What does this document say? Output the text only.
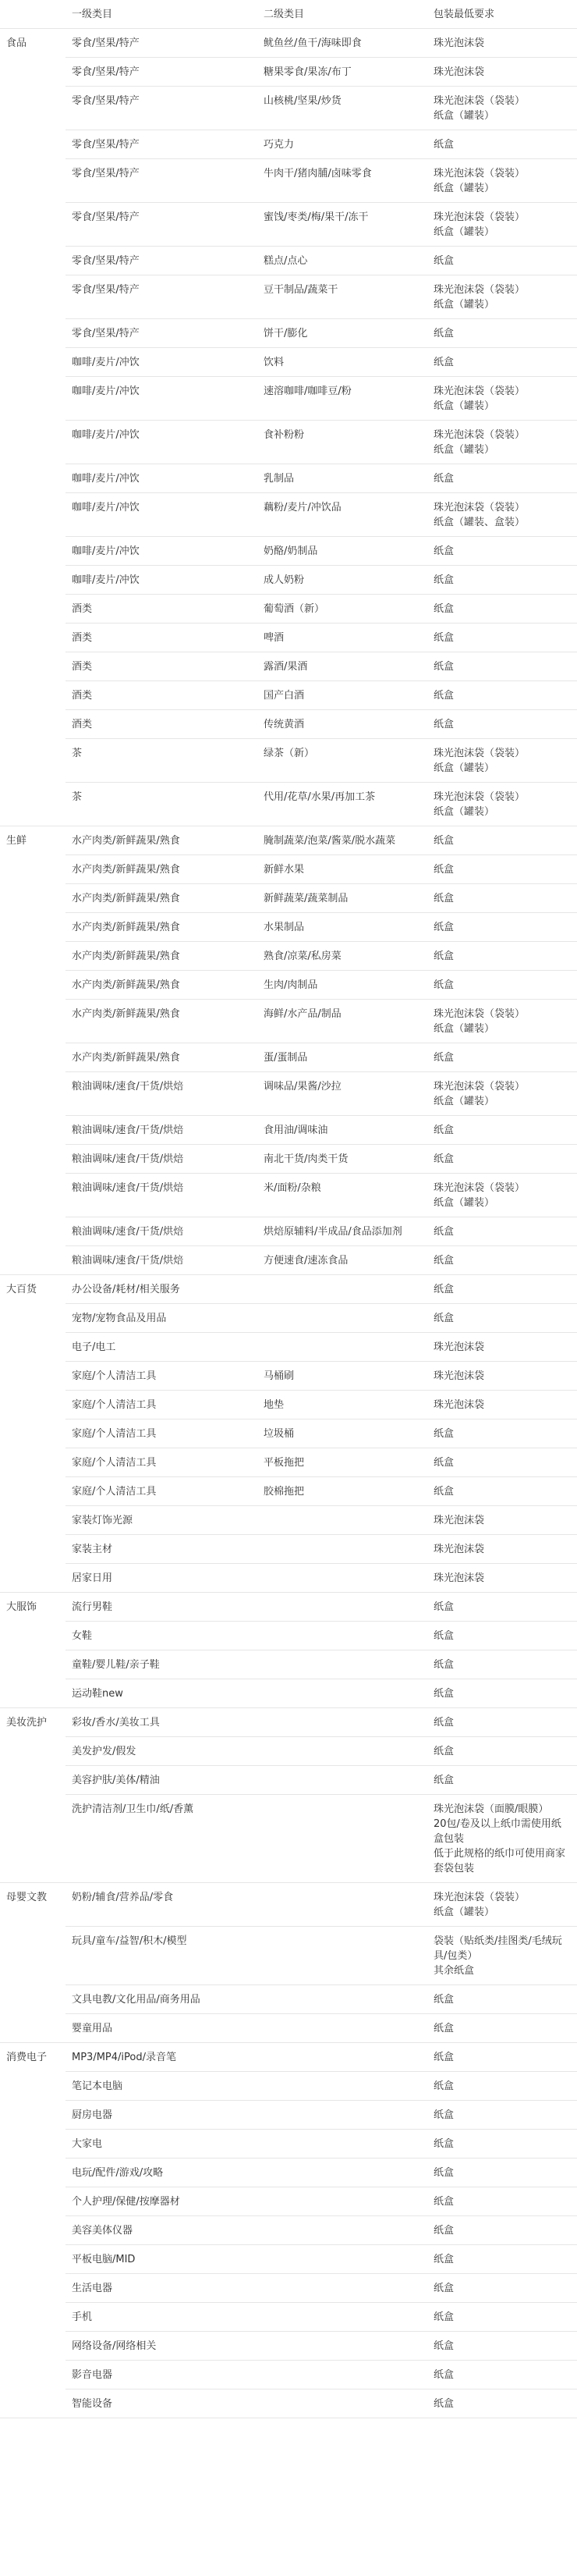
	一级类目	二级类目	包装最低要求
食品	零食/坚果/特产	鱿鱼丝/鱼干/海味即食	珠光泡沫袋
	零食/坚果/特产	糖果零食/果冻/布丁	珠光泡沫袋
	零食/坚果/特产	山核桃/坚果/炒货	珠光泡沫袋（袋装）
纸盒（罐装）
	零食/坚果/特产	巧克力	纸盒
	零食/坚果/特产	牛肉干/猪肉脯/卤味零食	珠光泡沫袋（袋装）
纸盒（罐装）
	零食/坚果/特产	蜜饯/枣类/梅/果干/冻干	珠光泡沫袋（袋装）
纸盒（罐装）
	零食/坚果/特产	糕点/点心	纸盒
	零食/坚果/特产	豆干制品/蔬菜干	珠光泡沫袋（袋装）
纸盒（罐装）
	零食/坚果/特产	饼干/膨化	纸盒
	咖啡/麦片/冲饮	饮料	纸盒
	咖啡/麦片/冲饮	速溶咖啡/咖啡豆/粉	珠光泡沫袋（袋装）
纸盒（罐装）
	咖啡/麦片/冲饮	食补粉粉	珠光泡沫袋（袋装）
纸盒（罐装）
	咖啡/麦片/冲饮	乳制品	纸盒
	咖啡/麦片/冲饮	藕粉/麦片/冲饮品	珠光泡沫袋（袋装）
纸盒（罐装、盒装）
	咖啡/麦片/冲饮	奶酪/奶制品	纸盒
	咖啡/麦片/冲饮	成人奶粉	纸盒
	酒类	葡萄酒（新）	纸盒
	酒类	啤酒	纸盒
	酒类	露酒/果酒	纸盒
	酒类	国产白酒	纸盒
	酒类	传统黄酒	纸盒
	茶	绿茶（新）	珠光泡沫袋（袋装）
纸盒（罐装）
	茶	代用/花草/水果/再加工茶	珠光泡沫袋（袋装）
纸盒（罐装）
生鲜	水产肉类/新鲜蔬果/熟食	腌制蔬菜/泡菜/酱菜/脱水蔬菜	纸盒
	水产肉类/新鲜蔬果/熟食	新鲜水果	纸盒
	水产肉类/新鲜蔬果/熟食	新鲜蔬菜/蔬菜制品	纸盒
	水产肉类/新鲜蔬果/熟食	水果制品	纸盒
	水产肉类/新鲜蔬果/熟食	熟食/凉菜/私房菜	纸盒
	水产肉类/新鲜蔬果/熟食	生肉/肉制品	纸盒
	水产肉类/新鲜蔬果/熟食	海鲜/水产品/制品	珠光泡沫袋（袋装）
纸盒（罐装）
	水产肉类/新鲜蔬果/熟食	蛋/蛋制品	纸盒
	粮油调味/速食/干货/烘焙	调味品/果酱/沙拉	珠光泡沫袋（袋装）
纸盒（罐装）
	粮油调味/速食/干货/烘焙	食用油/调味油	纸盒
	粮油调味/速食/干货/烘焙	南北干货/肉类干货	纸盒
	粮油调味/速食/干货/烘焙	米/面粉/杂粮	珠光泡沫袋（袋装）
纸盒（罐装）
	粮油调味/速食/干货/烘焙	烘焙原辅料/半成品/食品添加剂	纸盒
	粮油调味/速食/干货/烘焙	方便速食/速冻食品	纸盒
大百货	办公设备/耗材/相关服务		纸盒
	宠物/宠物食品及用品		纸盒
	电子/电工		珠光泡沫袋
	家庭/个人清洁工具	马桶刷	珠光泡沫袋
	家庭/个人清洁工具	地垫	珠光泡沫袋
	家庭/个人清洁工具	垃圾桶	纸盒
	家庭/个人清洁工具	平板拖把	纸盒
	家庭/个人清洁工具	胶棉拖把	纸盒
	家装灯饰光源		珠光泡沫袋
	家装主材		珠光泡沫袋
	居家日用		珠光泡沫袋
大服饰	流行男鞋		纸盒
	女鞋		纸盒
	童鞋/婴儿鞋/亲子鞋		纸盒
	运动鞋new		纸盒
美妆洗护	彩妆/香水/美妆工具		纸盒
	美发护发/假发		纸盒
	美容护肤/美体/精油		纸盒
	洗护清洁剂/卫生巾/纸/香薰		珠光泡沫袋（面膜/眼膜）
20包/卷及以上纸巾需使用纸盒包装
低于此规格的纸巾可使用商家套袋包装
母婴文教	奶粉/辅食/营养品/零食		珠光泡沫袋（袋装）
纸盒（罐装）
	玩具/童车/益智/积木/模型		袋装（贴纸类/挂图类/毛绒玩具/包类）
其余纸盒
	文具电教/文化用品/商务用品		纸盒
	婴童用品		纸盒
消费电子	MP3/MP4/iPod/录音笔		纸盒
	笔记本电脑		纸盒
	厨房电器		纸盒
	大家电		纸盒
	电玩/配件/游戏/攻略		纸盒
	个人护理/保健/按摩器材		纸盒
	美容美体仪器		纸盒
	平板电脑/MID		纸盒
	生活电器		纸盒
	手机		纸盒
	网络设备/网络相关		纸盒
	影音电器		纸盒
	智能设备		纸盒
